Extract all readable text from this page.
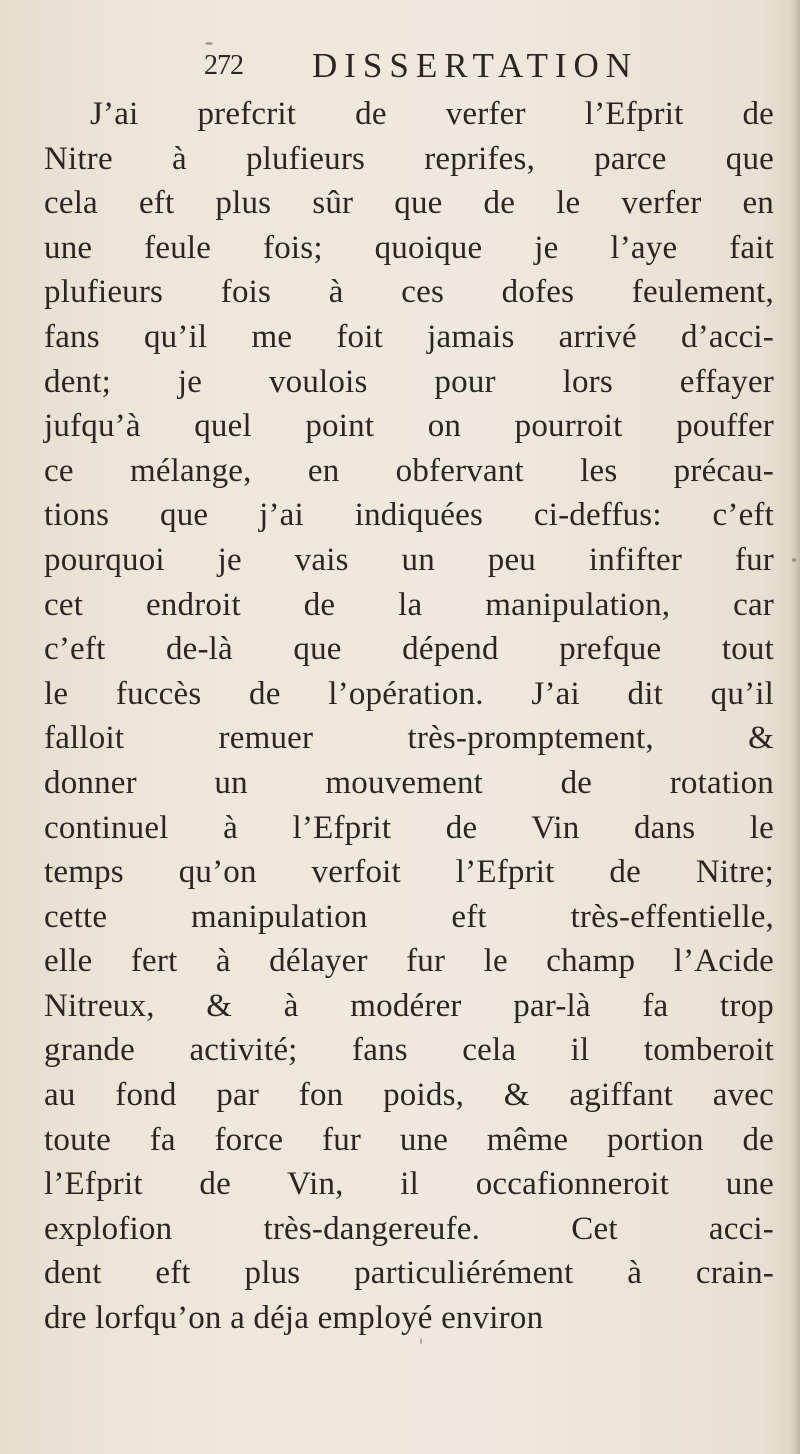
272 DISSERTATION
J’ai prefcrit de verfer l’Efprit de
Nitre à plufieurs reprifes, parce que
cela eft plus sûr que de le verfer en
une feule fois; quoique je l’aye fait
plufieurs fois à ces dofes feulement,
fans qu’il me foit jamais arrivé d’acci-
dent; je voulois pour lors effayer
jufqu’à quel point on pourroit pouffer
ce mélange, en obfervant les précau-
tions que j’ai indiquées ci-deffus: c’eft
pourquoi je vais un peu infifter fur
cet endroit de la manipulation, car
c’eft de-là que dépend prefque tout
le fuccès de l’opération. J’ai dit qu’il
falloit remuer très-promptement, &
donner un mouvement de rotation
continuel à l’Efprit de Vin dans le
temps qu’on verfoit l’Efprit de Nitre;
cette manipulation eft très-effentielle,
elle fert à délayer fur le champ l’Acide
Nitreux, & à modérer par-là fa trop
grande activité; fans cela il tomberoit
au fond par fon poids, & agiffant avec
toute fa force fur une même portion de
l’Efprit de Vin, il occafionneroit une
explofion très-dangereufe. Cet acci-
dent eft plus particuliérément à crain-
dre lorfqu’on a déja employé environ
